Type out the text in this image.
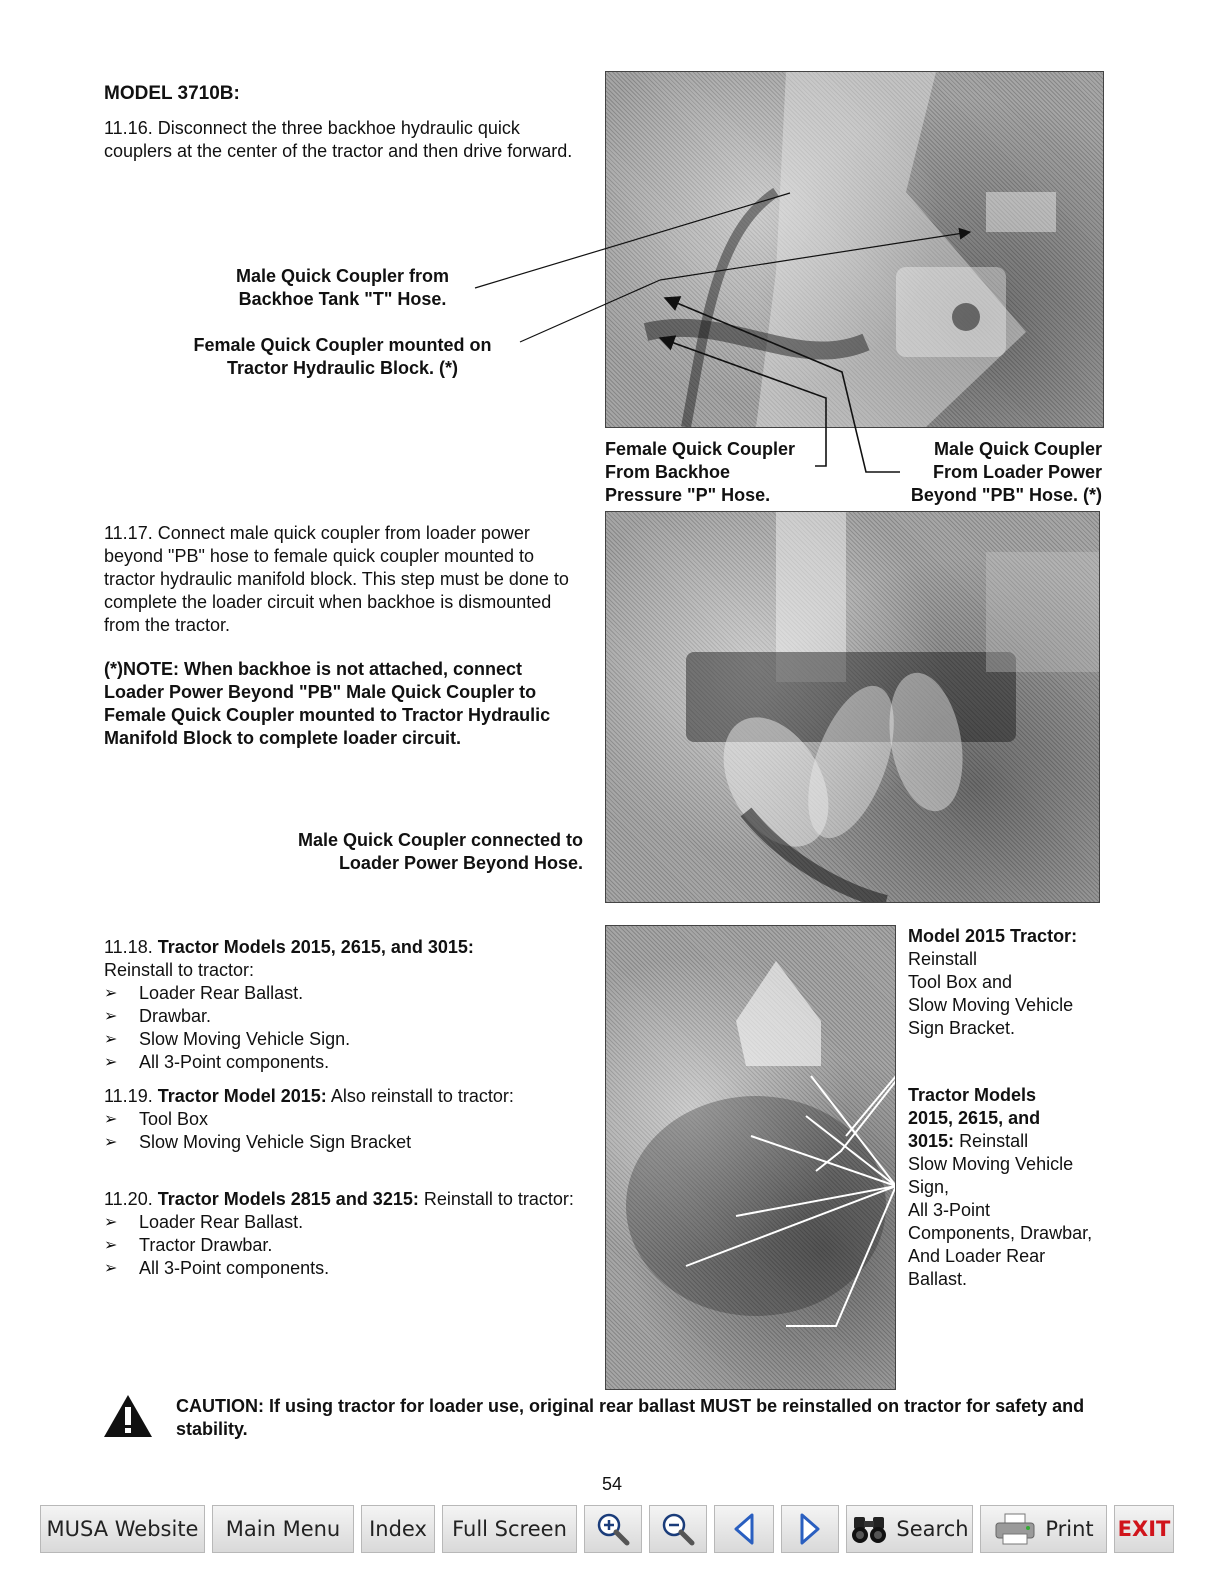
MODEL 3710B:
11.16. Disconnect the three backhoe hydraulic quick couplers at the center of the tractor and then drive forward.
Male Quick Coupler from
Backhoe Tank "T" Hose.
Female Quick Coupler mounted on
Tractor Hydraulic Block. (*)
Female Quick Coupler
From Backhoe
Pressure "P" Hose.
Male Quick Coupler
From Loader Power
Beyond "PB" Hose. (*)
11.17. Connect male quick coupler from loader power beyond "PB" hose to female quick coupler mounted to tractor hydraulic manifold block. This step must be done to complete the loader circuit when backhoe is dismounted from the tractor.
(*)NOTE: When backhoe is not attached, connect Loader Power Beyond "PB" Male Quick Coupler to Female Quick Coupler mounted to Tractor Hydraulic Manifold Block to complete loader circuit.
Male Quick Coupler connected to
Loader Power Beyond Hose.
11.18. Tractor Models 2015, 2615, and 3015:
Reinstall to tractor:
➢ Loader Rear Ballast.
➢ Drawbar.
➢ Slow Moving Vehicle Sign.
➢ All 3-Point components.
11.19. Tractor Model 2015: Also reinstall to tractor:
➢ Tool Box
➢ Slow Moving Vehicle Sign Bracket
11.20. Tractor Models 2815 and 3215: Reinstall to tractor:
➢ Loader Rear Ballast.
➢ Tractor Drawbar.
➢ All 3-Point components.
Model 2015 Tractor:
Reinstall
Tool Box and
Slow Moving Vehicle
Sign Bracket.
Tractor Models
2015, 2615, and
3015: Reinstall
Slow Moving Vehicle
Sign,
All 3-Point
Components, Drawbar,
And Loader Rear
Ballast.
CAUTION: If using tractor for loader use, original rear ballast MUST be reinstalled on tractor for safety and stability.
54
MUSA Website Main Menu Index Full Screen	Search	Print EXIT
